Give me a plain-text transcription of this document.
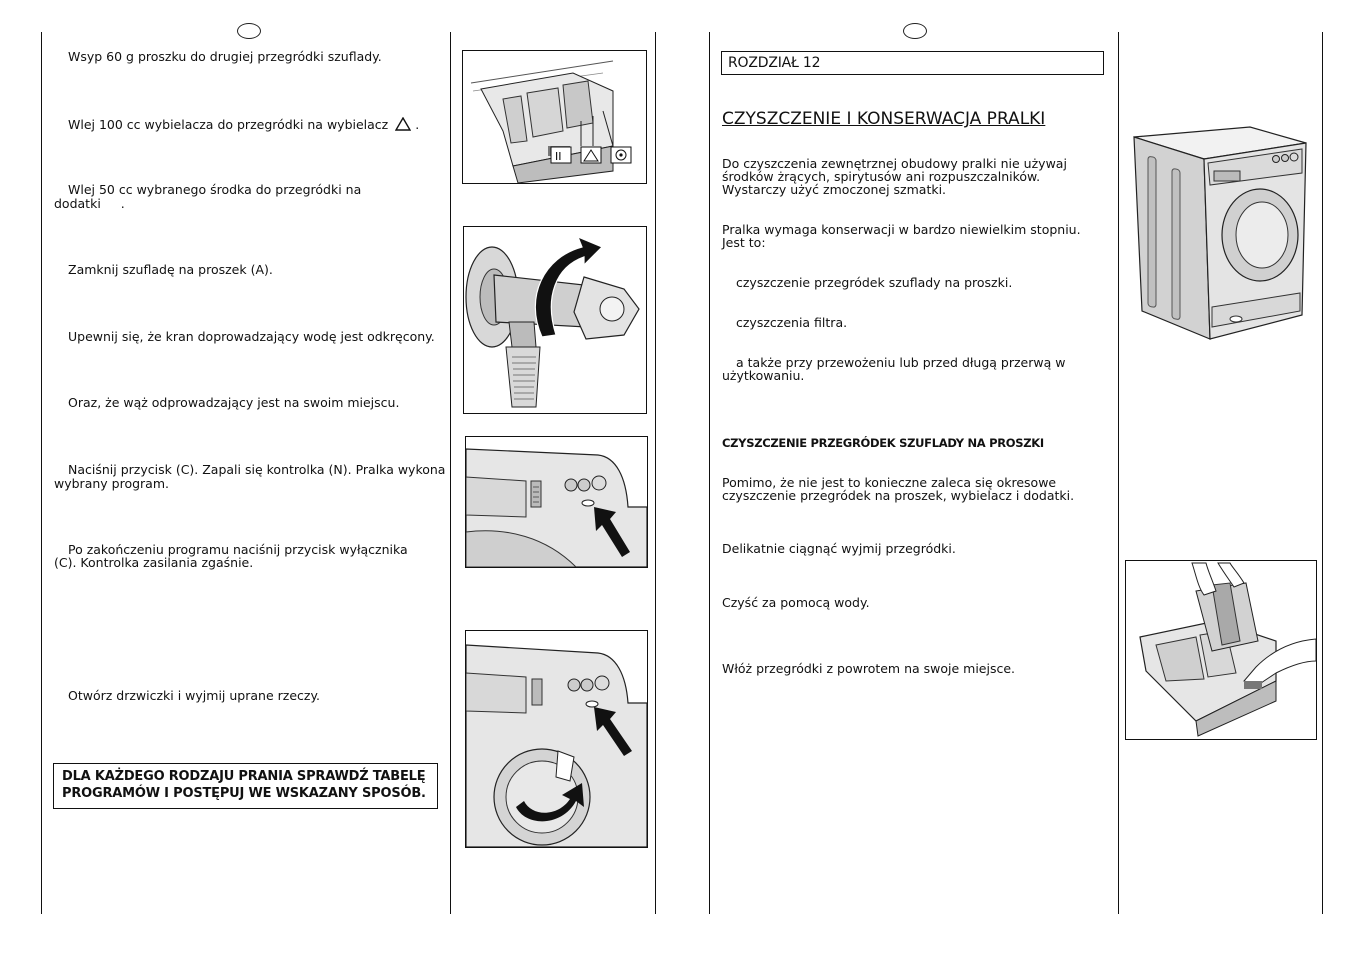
Wsyp 60 g proszku do drugiej przegródki szuflady.
Wlej 100 cc wybielacza do przegródki na wybielacz  .
Wlej 50 cc wybranego środka do przegródki na
dodatki .
Zamknij szufladę na proszek (A).
Upewnij się, że kran doprowadzający wodę jest odkręcony.
Oraz, że wąż odprowadzający jest na swoim miejscu.
Naciśnij przycisk (C). Zapali się kontrolka (N). Pralka wykona
wybrany program.
Po zakończeniu programu naciśnij przycisk wyłącznika
(C). Kontrolka zasilania zgaśnie.
Otwórz drzwiczki i wyjmij uprane rzeczy.
DLA KAŻDEGO RODZAJU PRANIA SPRAWDŹ TABELĘ
PROGRAMÓW I POSTĘPUJ WE WSKAZANY SPOSÓB.
II
ROZDZIAŁ 12
CZYSZCZENIE I KONSERWACJA PRALKI
Do czyszczenia zewnętrznej obudowy pralki nie używaj
środków żrących, spirytusów ani rozpuszczalników.
Wystarczy użyć zmoczonej szmatki.
Pralka wymaga konserwacji w bardzo niewielkim stopniu.
Jest to:
czyszczenie przegródek szuflady na proszki.
czyszczenia filtra.
a także przy przewożeniu lub przed długą przerwą w
użytkowaniu.
CZYSZCZENIE PRZEGRÓDEK SZUFLADY NA PROSZKI
Pomimo, że nie jest to konieczne zaleca się okresowe
czyszczenie przegródek na proszek, wybielacz i dodatki.
Delikatnie ciągnąć wyjmij przegródki.
Czyść za pomocą wody.
Włóż przegródki z powrotem na swoje miejsce.
